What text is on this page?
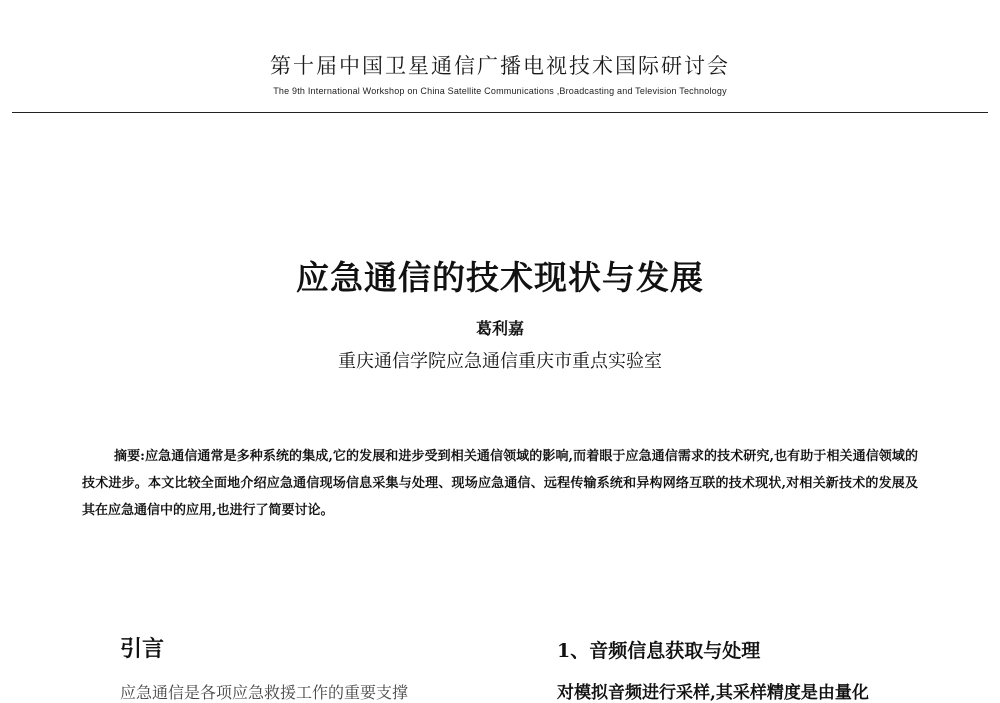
第十届中国卫星通信广播电视技术国际研讨会
The 9th International Workshop on China Satellite Communications ,Broadcasting and Television Technology
应急通信的技术现状与发展
葛利嘉
重庆通信学院应急通信重庆市重点实验室
摘要:应急通信通常是多种系统的集成,它的发展和进步受到相关通信领域的影响,而着眼于应急通信需求的技术研究,也有助于相关通信领域的技术进步。本文比较全面地介绍应急通信现场信息采集与处理、现场应急通信、远程传输系统和异构网络互联的技术现状,对相关新技术的发展及其在应急通信中的应用,也进行了简要讨论。
引言	1、音频信息获取与处理
应急通信是各项应急救援工作的重要支撑	对模拟音频进行采样,其采样精度是由量化
